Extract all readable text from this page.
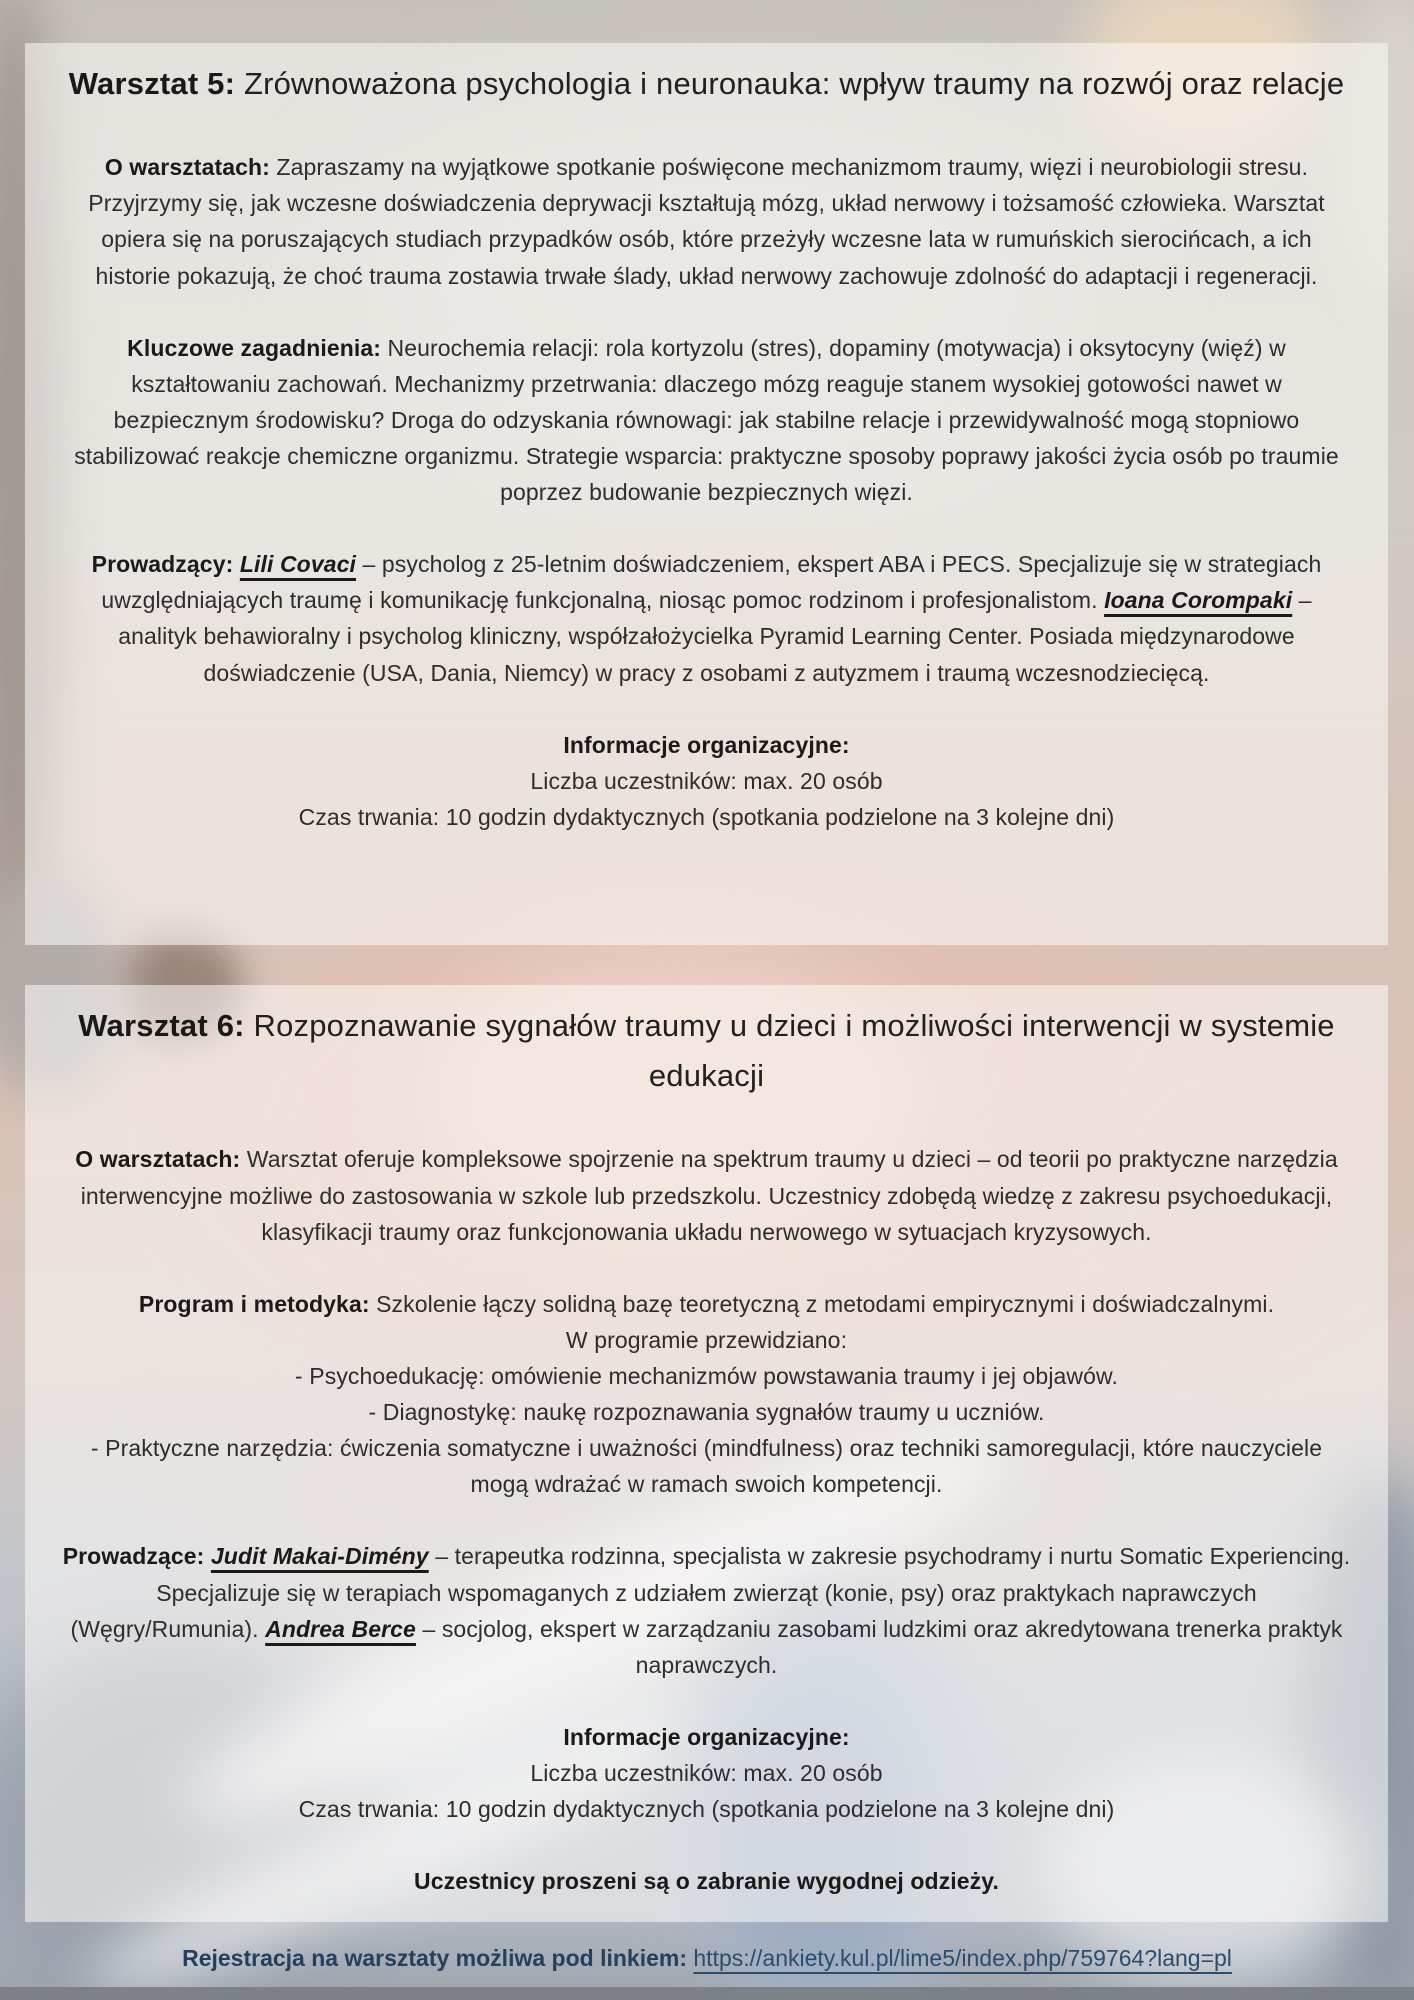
Warsztat 5: Zrównoważona psychologia i neuronauka: wpływ traumy na rozwój oraz relacje

O warsztatach: Zapraszamy na wyjątkowe spotkanie poświęcone mechanizmom traumy, więzi i neurobiologii stresu. Przyjrzymy się, jak wczesne doświadczenia deprywacji kształtują mózg, układ nerwowy i tożsamość człowieka. Warsztat opiera się na poruszających studiach przypadków osób, które przeżyły wczesne lata w rumuńskich sierocińcach, a ich historie pokazują, że choć trauma zostawia trwałe ślady, układ nerwowy zachowuje zdolność do adaptacji i regeneracji.

Kluczowe zagadnienia: Neurochemia relacji: rola kortyzolu (stres), dopaminy (motywacja) i oksytocyny (więź) w kształtowaniu zachowań. Mechanizmy przetrwania: dlaczego mózg reaguje stanem wysokiej gotowości nawet w bezpiecznym środowisku? Droga do odzyskania równowagi: jak stabilne relacje i przewidywalność mogą stopniowo stabilizować reakcje chemiczne organizmu. Strategie wsparcia: praktyczne sposoby poprawy jakości życia osób po traumie poprzez budowanie bezpiecznych więzi.

Prowadzący: Lili Covaci – psycholog z 25-letnim doświadczeniem, ekspert ABA i PECS. Specjalizuje się w strategiach uwzględniających traumę i komunikację funkcjonalną, niosąc pomoc rodzinom i profesjonalistom. Ioana Corompaki – analityk behawioralny i psycholog kliniczny, współzałożycielka Pyramid Learning Center. Posiada międzynarodowe doświadczenie (USA, Dania, Niemcy) w pracy z osobami z autyzmem i traumą wczesnodziecięcą.

Informacje organizacyjne:
Liczba uczestników: max. 20 osób
Czas trwania: 10 godzin dydaktycznych (spotkania podzielone na 3 kolejne dni)

Warsztat 6: Rozpoznawanie sygnałów traumy u dzieci i możliwości interwencji w systemie edukacji

O warsztatach: Warsztat oferuje kompleksowe spojrzenie na spektrum traumy u dzieci – od teorii po praktyczne narzędzia interwencyjne możliwe do zastosowania w szkole lub przedszkolu. Uczestnicy zdobędą wiedzę z zakresu psychoedukacji, klasyfikacji traumy oraz funkcjonowania układu nerwowego w sytuacjach kryzysowych.

Program i metodyka: Szkolenie łączy solidną bazę teoretyczną z metodami empirycznymi i doświadczalnymi.
W programie przewidziano:
- Psychoedukację: omówienie mechanizmów powstawania traumy i jej objawów.
- Diagnostykę: naukę rozpoznawania sygnałów traumy u uczniów.
- Praktyczne narzędzia: ćwiczenia somatyczne i uważności (mindfulness) oraz techniki samoregulacji, które nauczyciele mogą wdrażać w ramach swoich kompetencji.

Prowadzące: Judit Makai-Dimény – terapeutka rodzinna, specjalista w zakresie psychodramy i nurtu Somatic Experiencing. Specjalizuje się w terapiach wspomaganych z udziałem zwierząt (konie, psy) oraz praktykach naprawczych (Węgry/Rumunia). Andrea Berce – socjolog, ekspert w zarządzaniu zasobami ludzkimi oraz akredytowana trenerka praktyk naprawczych.

Informacje organizacyjne:
Liczba uczestników: max. 20 osób
Czas trwania: 10 godzin dydaktycznych (spotkania podzielone na 3 kolejne dni)

Uczestnicy proszeni są o zabranie wygodnej odzieży.

Rejestracja na warsztaty możliwa pod linkiem: https://ankiety.kul.pl/lime5/index.php/759764?lang=pl
